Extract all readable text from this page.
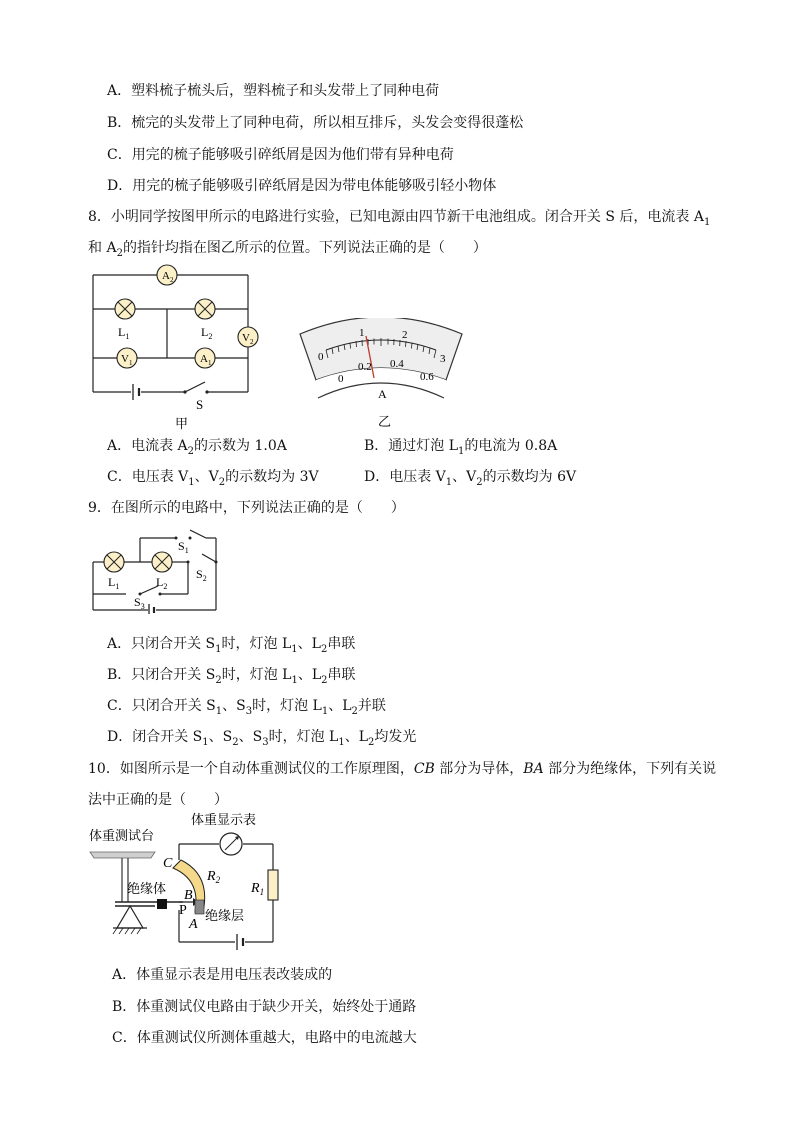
A．塑料梳子梳头后，塑料梳子和头发带上了同种电荷
B．梳完的头发带上了同种电荷，所以相互排斥，头发会变得很蓬松
C．用完的梳子能够吸引碎纸屑是因为他们带有异种电荷
D．用完的梳子能够吸引碎纸屑是因为带电体能够吸引轻小物体
8．小明同学按图甲所示的电路进行实验，已知电源由四节新干电池组成。闭合开关 S 后，电流表 $A_1$
和 $A_2$的指针均指在图乙所示的位置。下列说法正确的是（　　）
$A_2$
$L_1$	$L_2$	$V_2$
$V_1$	$A_1$
S
甲
0
1	2
3
0
0.2 0.4
0.6
A
乙
A．电流表 $A_2$的示数为 1.0A	B．通过灯泡 $L_1$的电流为 0.8A
C．电压表 $V_1$、$V_2$的示数均为 3V	D．电压表 $V_1$、$V_2$的示数均为 6V
9．在图所示的电路中，下列说法正确的是（　　）
$S_1$
$S_2$
$S_3$
$L_1$	$L_2$
A．只闭合开关 $S_1$时，灯泡 $L_1$、$L_2$串联
B．只闭合开关 $S_2$时，灯泡 $L_1$、$L_2$串联
C．只闭合开关 $S_1$、$S_3$时，灯泡 $L_1$、$L_2$并联
D．闭合开关 $S_1$、$S_2$、$S_3$时，灯泡 $L_1$、$L_2$均发光
10．如图所示是一个自动体重测试仪的工作原理图，CB 部分为导体，BA 部分为绝缘体，下列有关说
法中正确的是（　　）
体重测试台
绝缘体
体重显示表
C
$R_2$
$R_1$
B
P
A
绝缘层
A．体重显示表是用电压表改装成的
B．体重测试仪电路由于缺少开关，始终处于通路
C．体重测试仪所测体重越大，电路中的电流越大
